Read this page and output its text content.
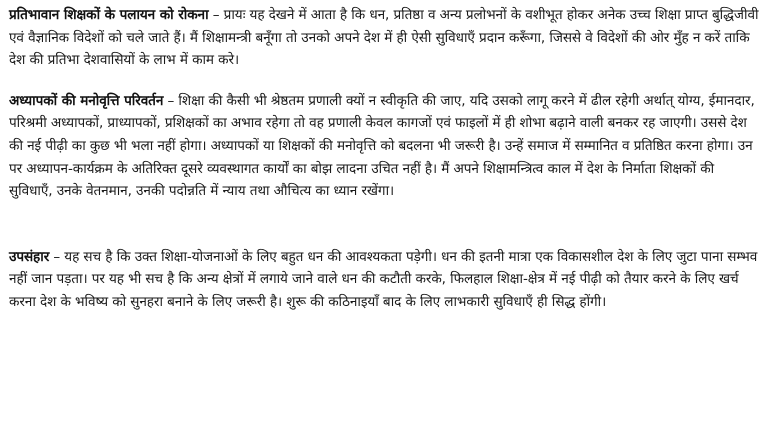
प्रतिभावान शिक्षकों के पलायन को रोकना – प्रायः यह देखने में आता है कि धन, प्रतिष्ठा व अन्य प्रलोभनों के वशीभूत होकर अनेक उच्च शिक्षा प्राप्त बुद्धिजीवी एवं वैज्ञानिक विदेशों को चले जाते हैं। मैं शिक्षामन्त्री बनूँगा तो उनको अपने देश में ही ऐसी सुविधाएँ प्रदान करूँगा, जिससे वे विदेशों की ओर मुँह न करें ताकि देश की प्रतिभा देशवासियों के लाभ में काम करे।

अध्यापकों की मनोवृत्ति परिवर्तन – शिक्षा की कैसी भी श्रेष्ठतम प्रणाली क्यों न स्वीकृति की जाए, यदि उसको लागू करने में ढील रहेगी अर्थात् योग्य, ईमानदार, परिश्रमी अध्यापकों, प्राध्यापकों, प्रशिक्षकों का अभाव रहेगा तो वह प्रणाली केवल कागजों एवं फाइलों में ही शोभा बढ़ाने वाली बनकर रह जाएगी। उससे देश की नई पीढ़ी का कुछ भी भला नहीं होगा। अध्यापकों या शिक्षकों की मनोवृत्ति को बदलना भी जरूरी है। उन्हें समाज में सम्मानित व प्रतिष्ठित करना होगा। उन पर अध्यापन-कार्यक्रम के अतिरिक्त दूसरे व्यवस्थागत कार्यों का बोझ लादना उचित नहीं है। मैं अपने शिक्षामन्त्रित्व काल में देश के निर्माता शिक्षकों की सुविधाएँ, उनके वेतनमान, उनकी पदोन्नति में न्याय तथा औचित्य का ध्यान रखेंगा।

उपसंहार – यह सच है कि उक्त शिक्षा-योजनाओं के लिए बहुत धन की आवश्यकता पड़ेगी। धन की इतनी मात्रा एक विकासशील देश के लिए जुटा पाना सम्भव नहीं जान पड़ता। पर यह भी सच है कि अन्य क्षेत्रों में लगाये जाने वाले धन की कटौती करके, फिलहाल शिक्षा-क्षेत्र में नई पीढ़ी को तैयार करने के लिए खर्च करना देश के भविष्य को सुनहरा बनाने के लिए जरूरी है। शुरू की कठिनाइयाँ बाद के लिए लाभकारी सुविधाएँ ही सिद्ध होंगी।
